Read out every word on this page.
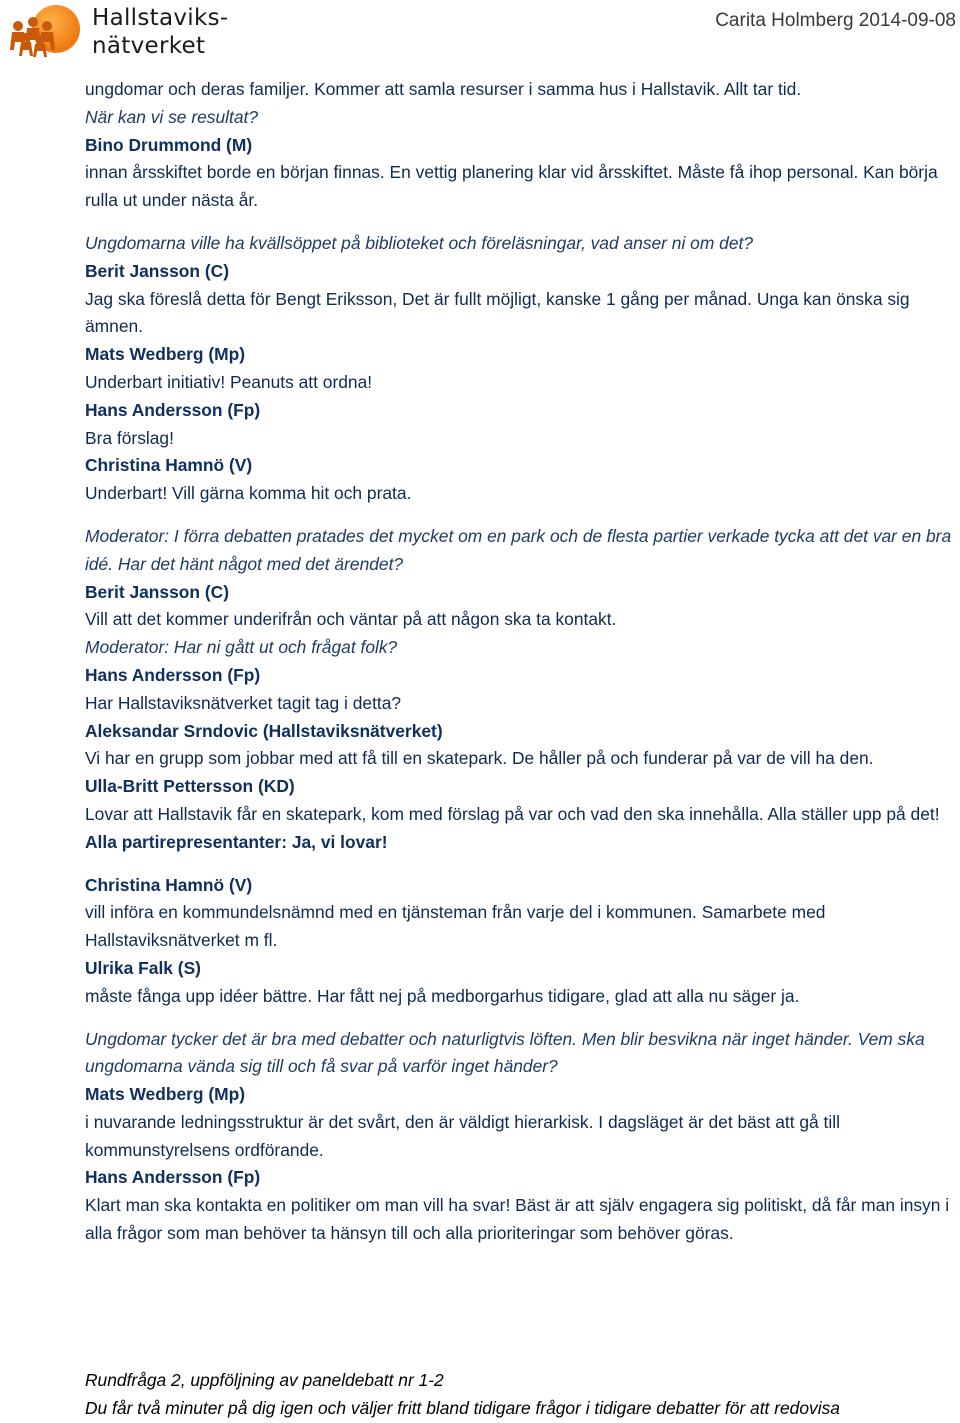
Hallstaviks-
nätverket
Carita Holmberg 2014-09-08

ungdomar och deras familjer. Kommer att samla resurser i samma hus i Hallstavik. Allt tar tid.

När kan vi se resultat?

Bino Drummond (M)

innan årsskiftet borde en början finnas. En vettig planering klar vid årsskiftet. Måste få ihop personal. Kan börja rulla ut under nästa år.

Ungdomarna ville ha kvällsöppet på biblioteket och föreläsningar, vad anser ni om det?

Berit Jansson (C)

Jag ska föreslå detta för Bengt Eriksson, Det är fullt möjligt, kanske 1 gång per månad. Unga kan önska sig ämnen.

Mats Wedberg (Mp)

Underbart initiativ! Peanuts att ordna!

Hans Andersson (Fp)

Bra förslag!

Christina Hamnö (V)

Underbart! Vill gärna komma hit och prata.

Moderator: I förra debatten pratades det mycket om en park och de flesta partier verkade tycka att det var en bra idé. Har det hänt något med det ärendet?

Berit Jansson (C)

Vill att det kommer underifrån och väntar på att någon ska ta kontakt.

Moderator: Har ni gått ut och frågat folk?

Hans Andersson (Fp)

Har Hallstaviksnätverket tagit tag i detta?

Aleksandar Srndovic (Hallstaviksnätverket)

Vi har en grupp som jobbar med att få till en skatepark. De håller på och funderar på var de vill ha den.

Ulla-Britt Pettersson (KD)

Lovar att Hallstavik får en skatepark, kom med förslag på var och vad den ska innehålla. Alla ställer upp på det!

Alla partirepresentanter: Ja, vi lovar!

Christina Hamnö (V)

vill införa en kommundelsnämnd med en tjänsteman från varje del i kommunen. Samarbete med Hallstaviksnätverket m fl.

Ulrika Falk (S)

måste fånga upp idéer bättre. Har fått nej på medborgarhus tidigare, glad att alla nu säger ja.

Ungdomar tycker det är bra med debatter och naturligtvis löften. Men blir besvikna när inget händer. Vem ska ungdomarna vända sig till och få svar på varför inget händer?

Mats Wedberg (Mp)

i nuvarande ledningsstruktur är det svårt, den är väldigt hierarkisk. I dagsläget är det bäst att gå till kommunstyrelsens ordförande.

Hans Andersson (Fp)

Klart man ska kontakta en politiker om man vill ha svar! Bäst är att själv engagera sig politiskt, då får man insyn i alla frågor som man behöver ta hänsyn till och alla prioriteringar som behöver göras.

Rundfråga 2, uppföljning av paneldebatt nr 1-2

Du får två minuter på dig igen och väljer fritt bland tidigare frågor i tidigare debatter för att redovisa
